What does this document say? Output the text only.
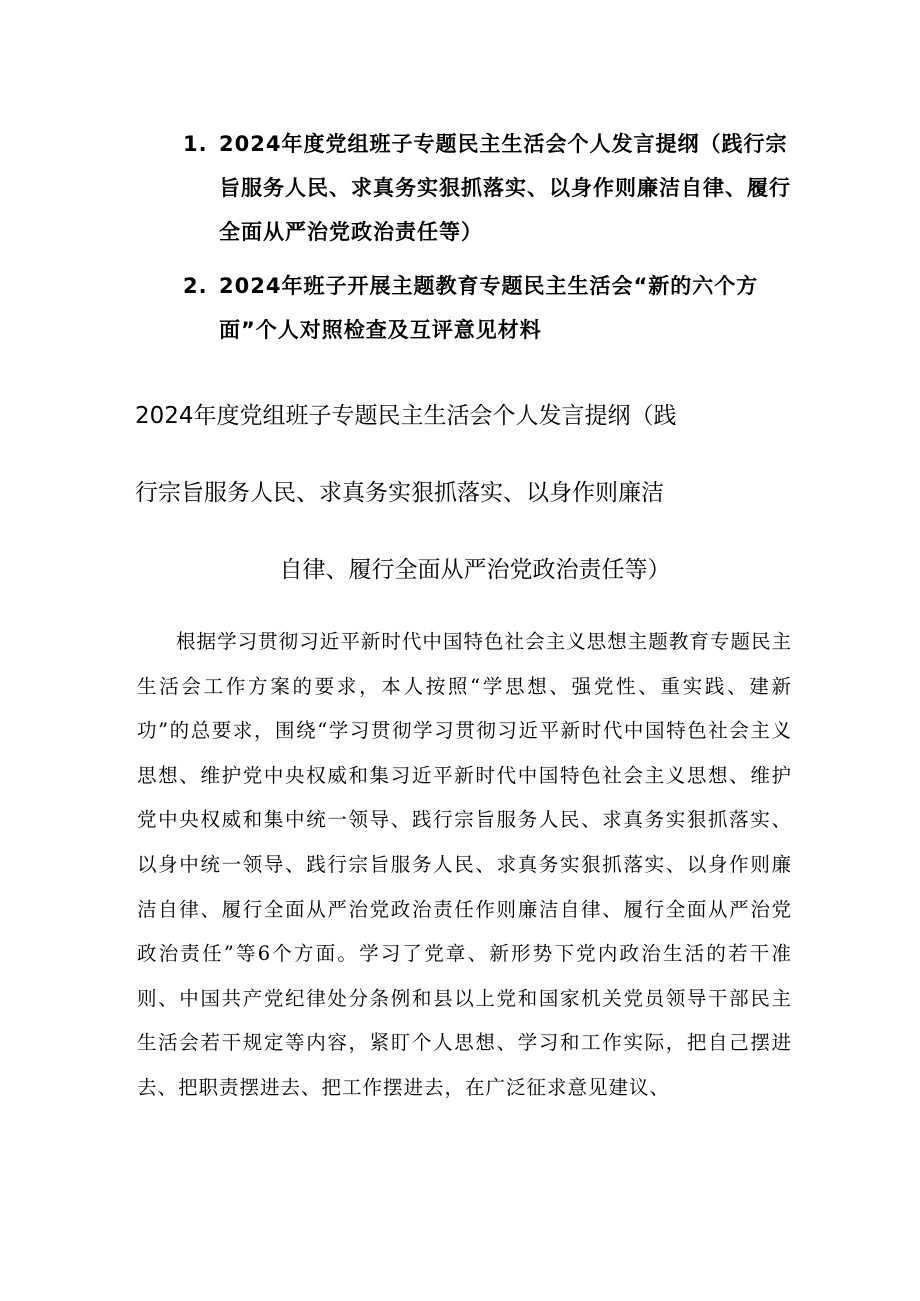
1. 2024年度党组班子专题民主生活会个人发言提纲（践行宗旨服务人民、求真务实狠抓落实、以身作则廉洁自律、履行全面从严治党政治责任等）
2. 2024年班子开展主题教育专题民主生活会“新的六个方面”个人对照检查及互评意见材料
2024年度党组班子专题民主生活会个人发言提纲（践
行宗旨服务人民、求真务实狠抓落实、以身作则廉洁
自律、履行全面从严治党政治责任等）

根据学习贯彻习近平新时代中国特色社会主义思想主题教育专题民主生活会工作方案的要求，本人按照“学思想、强党性、重实践、建新功”的总要求，围绕“学习贯彻学习贯彻习近平新时代中国特色社会主义思想、维护党中央权威和集习近平新时代中国特色社会主义思想、维护党中央权威和集中统一领导、践行宗旨服务人民、求真务实狠抓落实、以身中统一领导、践行宗旨服务人民、求真务实狠抓落实、以身作则廉洁自律、履行全面从严治党政治责任作则廉洁自律、履行全面从严治党政治责任”等6个方面。学习了党章、新形势下党内政治生活的若干准则、中国共产党纪律处分条例和县以上党和国家机关党员领导干部民主生活会若干规定等内容，紧盯个人思想、学习和工作实际，把自己摆进去、把职责摆进去、把工作摆进去，在广泛征求意见建议、
